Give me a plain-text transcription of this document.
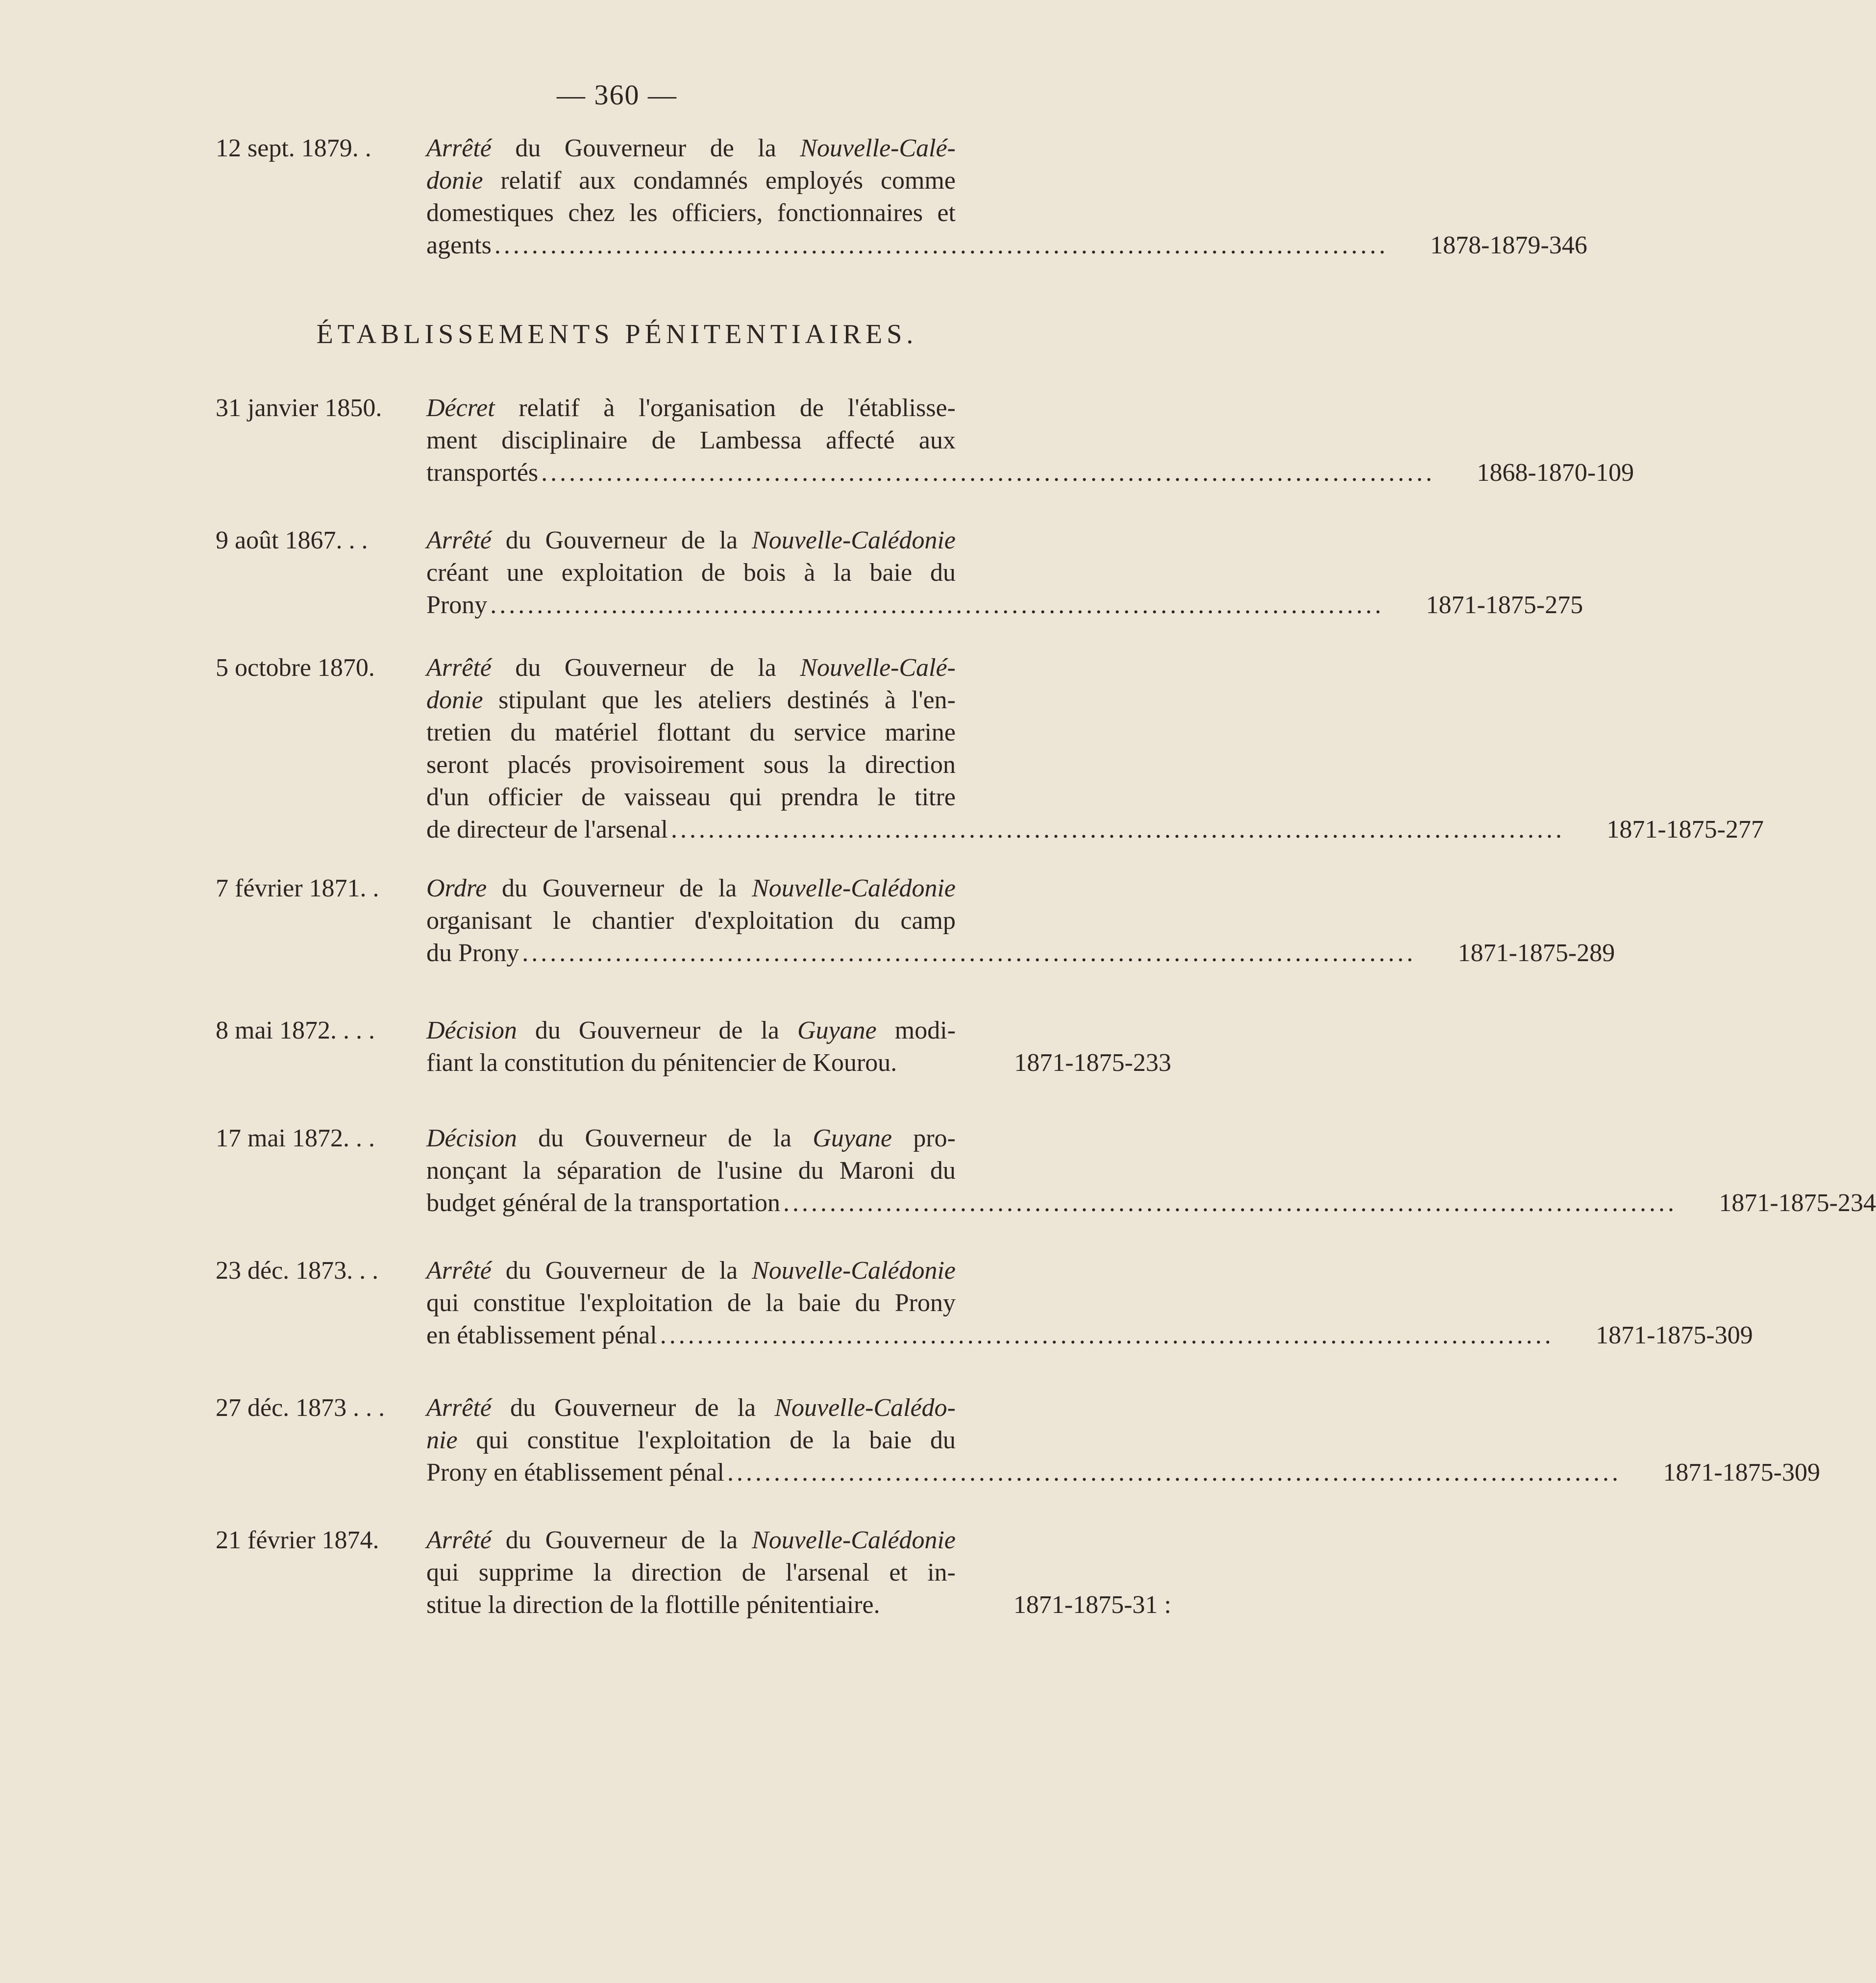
— 360 —
12 sept. 1879. .	Arrêté du Gouverneur de la Nouvelle-Calé-
donie relatif aux condamnés employés comme
domestiques chez les officiers, fonctionnaires et
agents ................................................................................................	1878-1879-346
ÉTABLISSEMENTS PÉNITENTIAIRES.
31 janvier 1850.	Décret relatif à l'organisation de l'établisse-
ment disciplinaire de Lambessa affecté aux
transportés ................................................................................................	1868-1870-109
9 août 1867. . .	Arrêté du Gouverneur de la Nouvelle-Calédonie
créant une exploitation de bois à la baie du
Prony ................................................................................................	1871-1875-275
5 octobre 1870.	Arrêté du Gouverneur de la Nouvelle-Calé-
donie stipulant que les ateliers destinés à l'en-
tretien du matériel flottant du service marine
seront placés provisoirement sous la direction
d'un officier de vaisseau qui prendra le titre
de directeur de l'arsenal ................................................................................................	1871-1875-277
7 février 1871. .	Ordre du Gouverneur de la Nouvelle-Calédonie
organisant le chantier d'exploitation du camp
du Prony ................................................................................................	1871-1875-289
8 mai 1872. . . .	Décision du Gouverneur de la Guyane modi-
fiant la constitution du pénitencier de Kourou.	1871-1875-233
17 mai 1872. . .	Décision du Gouverneur de la Guyane pro-
nonçant la séparation de l'usine du Maroni du
budget général de la transportation ................................................................................................	1871-1875-234
23 déc. 1873. . .	Arrêté du Gouverneur de la Nouvelle-Calédonie
qui constitue l'exploitation de la baie du Prony
en établissement pénal ................................................................................................	1871-1875-309
27 déc. 1873 . . .	Arrêté du Gouverneur de la Nouvelle-Calédo-
nie qui constitue l'exploitation de la baie du
Prony en établissement pénal ................................................................................................	1871-1875-309
21 février 1874.	Arrêté du Gouverneur de la Nouvelle-Calédonie
qui supprime la direction de l'arsenal et in-
stitue la direction de la flottille pénitentiaire.	1871-1875-31 :
